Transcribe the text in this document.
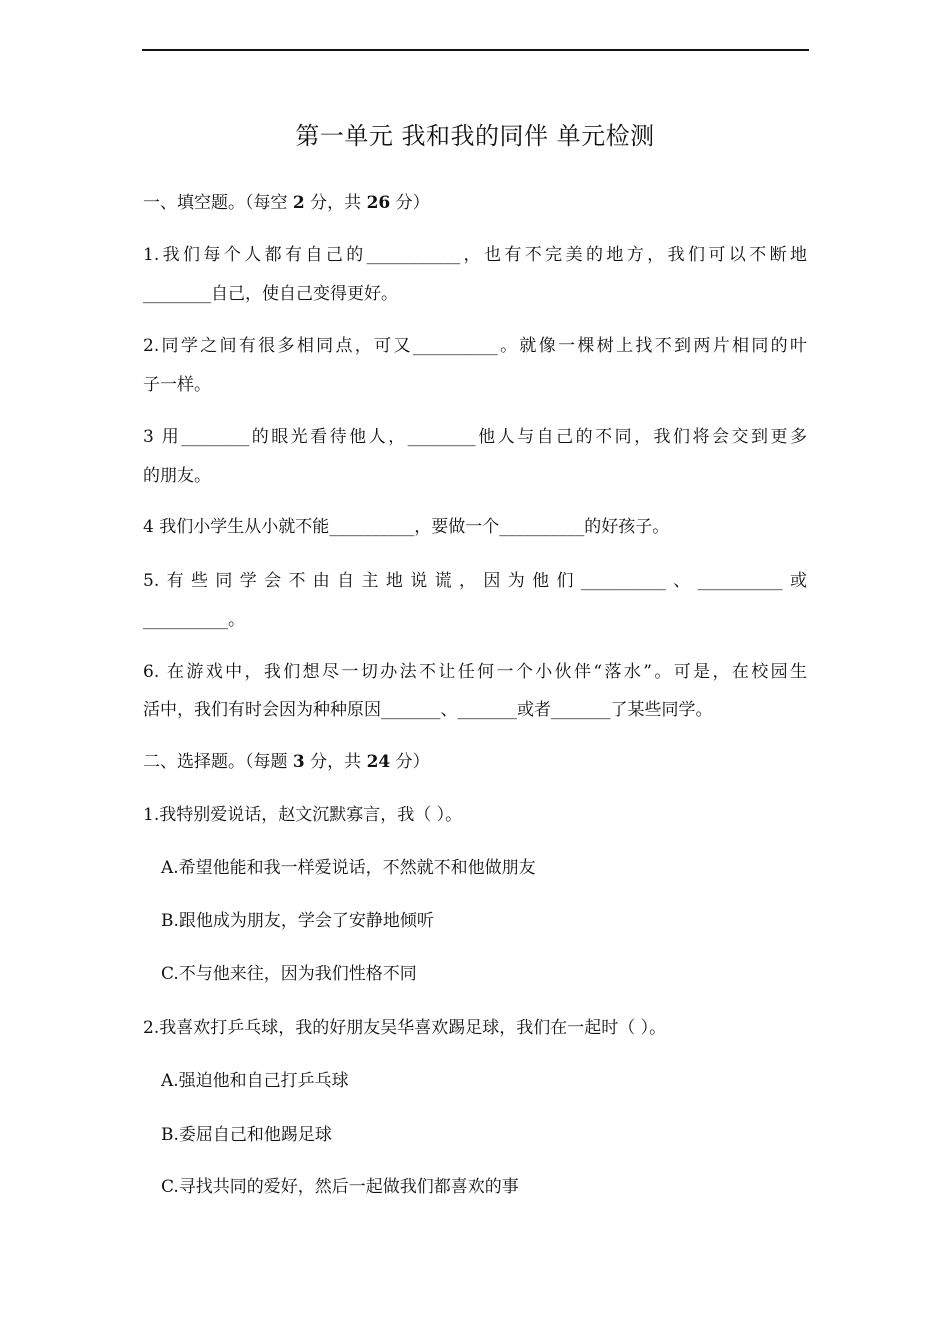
第一单元 我和我的同伴 单元检测
一、填空题。（每空 2 分，共 26 分）
1.我们每个人都有自己的___________，也有不完美的地方，我们可以不断地
________自己，使自己变得更好。
2.同学之间有很多相同点，可又__________。就像一棵树上找不到两片相同的叶
子一样。
3 用________的眼光看待他人，________他人与自己的不同，我们将会交到更多
的朋友。
4 我们小学生从小就不能__________，要做一个__________的好孩子。
5.有些同学会不由自主地说谎，因为他们__________、__________或
__________。
6. 在游戏中，我们想尽一切办法不让任何一个小伙伴“落水”。可是，在校园生
活中，我们有时会因为种种原因_______、_______或者_______了某些同学。
二、选择题。（每题 3 分，共 24 分）
1.我特别爱说话，赵文沉默寡言，我（ ）。
A.希望他能和我一样爱说话，不然就不和他做朋友
B.跟他成为朋友，学会了安静地倾听
C.不与他来往，因为我们性格不同
2.我喜欢打乒乓球，我的好朋友吴华喜欢踢足球，我们在一起时（ ）。
A.强迫他和自己打乒乓球
B.委屈自己和他踢足球
C.寻找共同的爱好，然后一起做我们都喜欢的事
